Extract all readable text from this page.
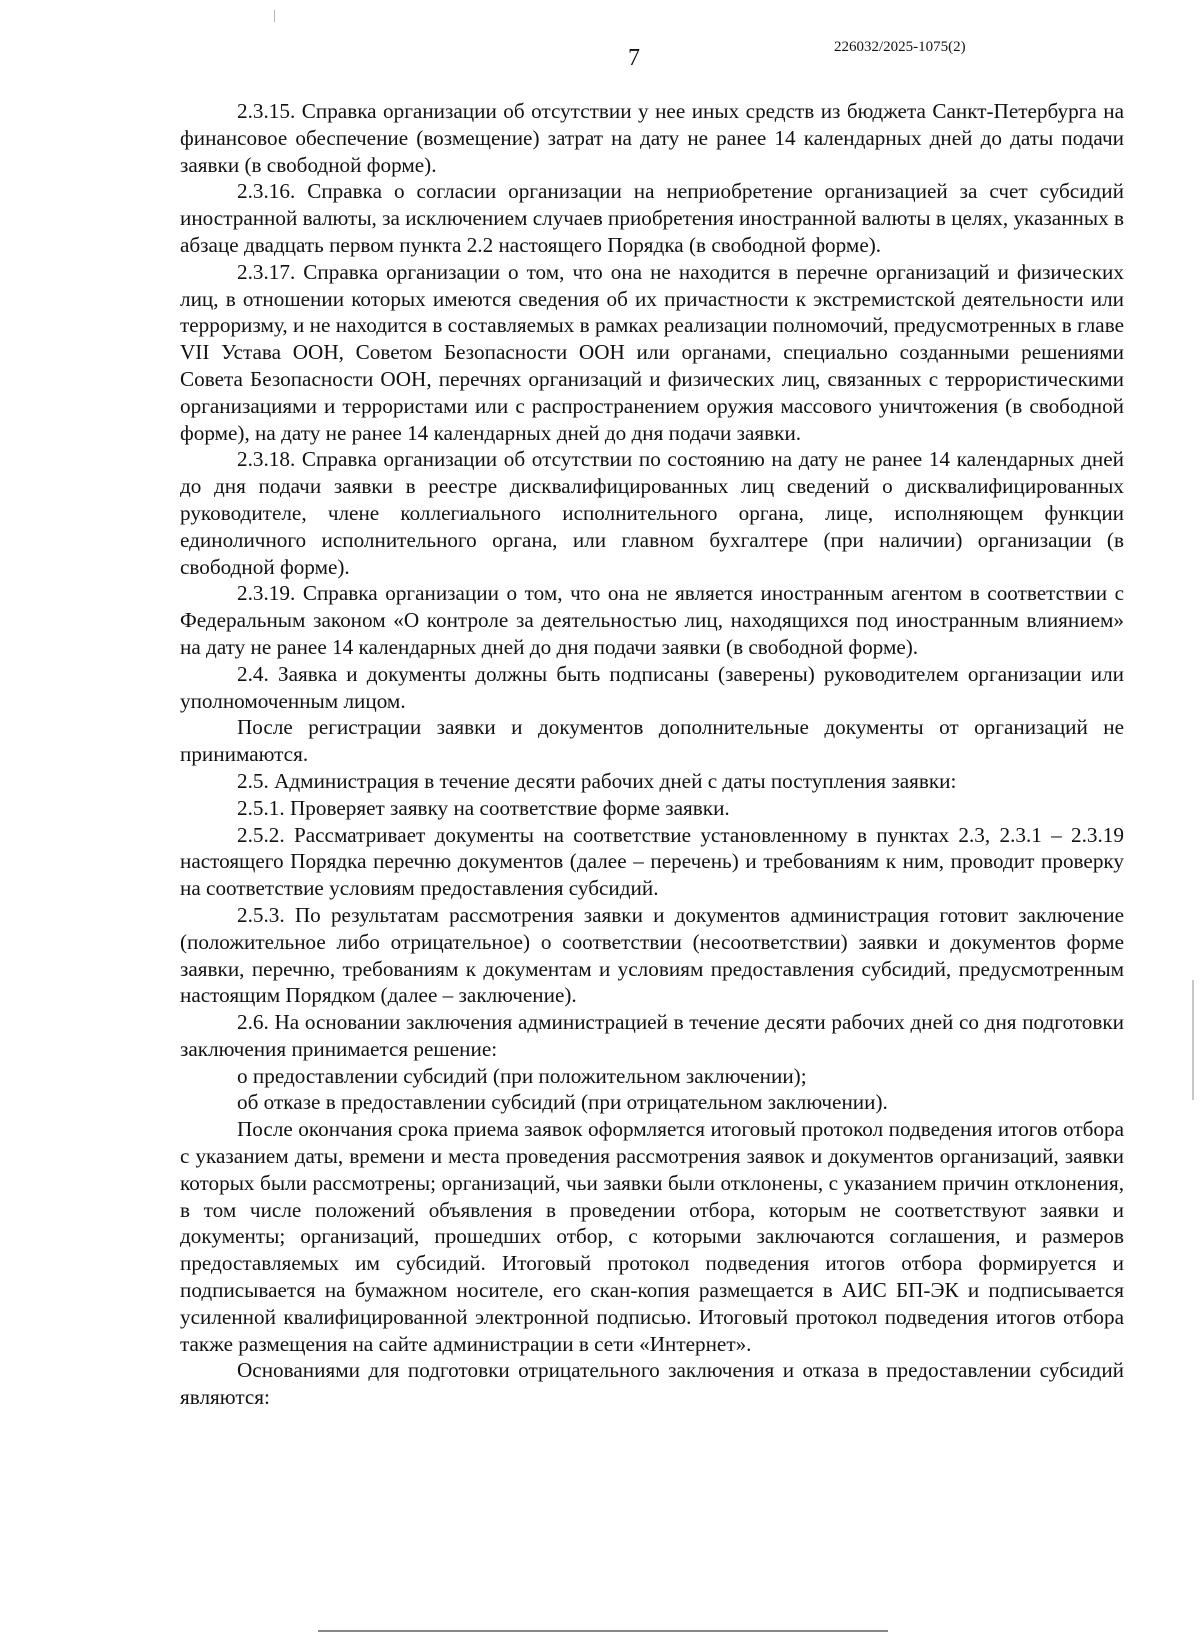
7	226032/2025-1075(2)

2.3.15. Справка организации об отсутствии у нее иных средств из бюджета Санкт-Петербурга на финансовое обеспечение (возмещение) затрат на дату не ранее 14 календарных дней до даты подачи заявки (в свободной форме).

2.3.16. Справка о согласии организации на неприобретение организацией за счет субсидий иностранной валюты, за исключением случаев приобретения иностранной валюты в целях, указанных в абзаце двадцать первом пункта 2.2 настоящего Порядка (в свободной форме).

2.3.17. Справка организации о том, что она не находится в перечне организаций и физических лиц, в отношении которых имеются сведения об их причастности к экстремистской деятельности или терроризму, и не находится в составляемых в рамках реализации полномочий, предусмотренных в главе VII Устава ООН, Советом Безопасности ООН или органами, специально созданными решениями Совета Безопасности ООН, перечнях организаций и физических лиц, связанных с террористическими организациями и террористами или с распространением оружия массового уничтожения (в свободной форме), на дату не ранее 14 календарных дней до дня подачи заявки.

2.3.18. Справка организации об отсутствии по состоянию на дату не ранее 14 календарных дней до дня подачи заявки в реестре дисквалифицированных лиц сведений о дисквалифицированных руководителе, члене коллегиального исполнительного органа, лице, исполняющем функции единоличного исполнительного органа, или главном бухгалтере (при наличии) организации (в свободной форме).

2.3.19. Справка организации о том, что она не является иностранным агентом в соответствии с Федеральным законом «О контроле за деятельностью лиц, находящихся под иностранным влиянием» на дату не ранее 14 календарных дней до дня подачи заявки (в свободной форме).

2.4. Заявка и документы должны быть подписаны (заверены) руководителем организации или уполномоченным лицом.

После регистрации заявки и документов дополнительные документы от организаций не принимаются.

2.5. Администрация в течение десяти рабочих дней с даты поступления заявки:

2.5.1. Проверяет заявку на соответствие форме заявки.

2.5.2. Рассматривает документы на соответствие установленному в пунктах 2.3, 2.3.1 – 2.3.19 настоящего Порядка перечню документов (далее – перечень) и требованиям к ним, проводит проверку на соответствие условиям предоставления субсидий.

2.5.3. По результатам рассмотрения заявки и документов администрация готовит заключение (положительное либо отрицательное) о соответствии (несоответствии) заявки и документов форме заявки, перечню, требованиям к документам и условиям предоставления субсидий, предусмотренным настоящим Порядком (далее – заключение).

2.6. На основании заключения администрацией в течение десяти рабочих дней со дня подготовки заключения принимается решение:

о предоставлении субсидий (при положительном заключении);

об отказе в предоставлении субсидий (при отрицательном заключении).

После окончания срока приема заявок оформляется итоговый протокол подведения итогов отбора с указанием даты, времени и места проведения рассмотрения заявок и документов организаций, заявки которых были рассмотрены; организаций, чьи заявки были отклонены, с указанием причин отклонения, в том числе положений объявления в проведении отбора, которым не соответствуют заявки и документы; организаций, прошедших отбор, с которыми заключаются соглашения, и размеров предоставляемых им субсидий. Итоговый протокол подведения итогов отбора формируется и подписывается на бумажном носителе, его скан-копия размещается в АИС БП-ЭК и подписывается усиленной квалифицированной электронной подписью. Итоговый протокол подведения итогов отбора также размещения на сайте администрации в сети «Интернет».

Основаниями для подготовки отрицательного заключения и отказа в предоставлении субсидий являются:
